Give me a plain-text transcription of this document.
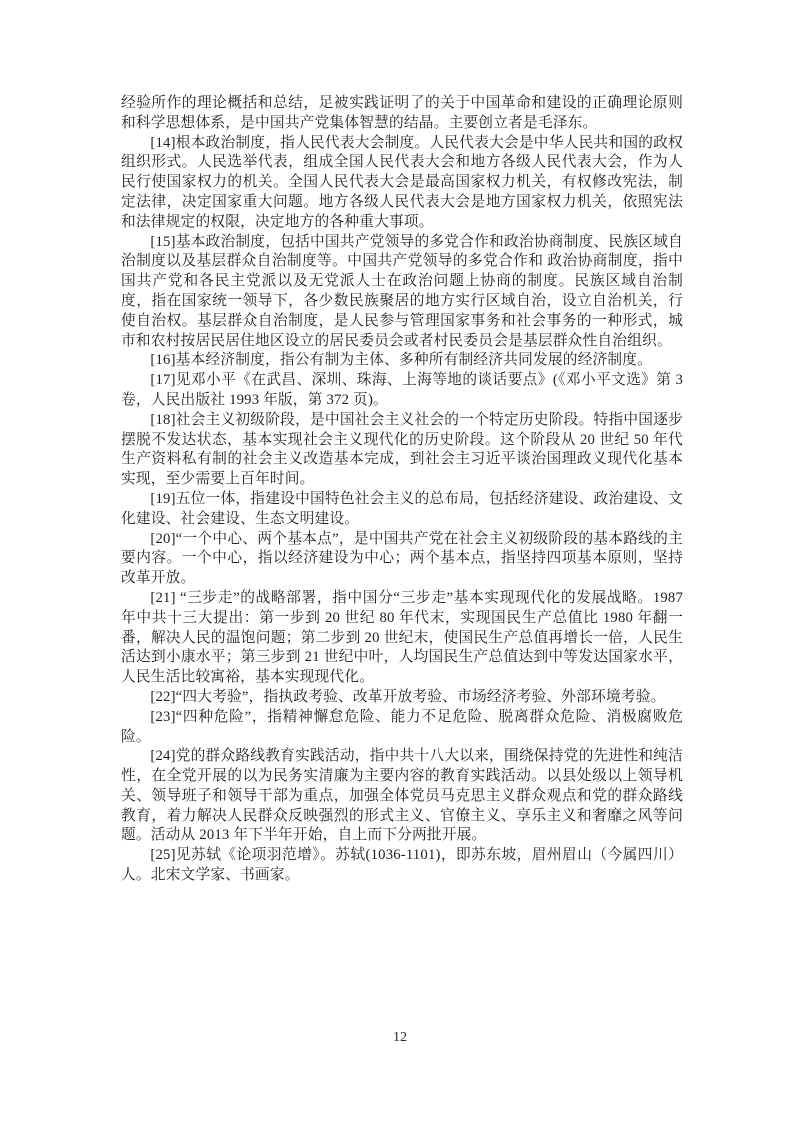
经验所作的理论概括和总结，足被实践证明了的关于中国革命和建设的正确理论原则和科学思想体系，是中国共产党集体智慧的结晶。主要创立者是毛泽东。

[14]根本政治制度，指人民代表大会制度。人民代表大会是中华人民共和国的政权组织形式。人民选举代表，组成全国人民代表大会和地方各级人民代表大会，作为人民行使国家权力的机关。全国人民代表大会是最高国家权力机关，有权修改宪法，制定法律，决定国家重大问题。地方各级人民代表大会是地方国家权力机关，依照宪法和法律规定的权限，决定地方的各种重大事项。

[15]基本政治制度，包括中国共产党领导的多党合作和政治协商制度、民族区域自治制度以及基层群众自治制度等。中国共产党领导的多党合作和 政治协商制度，指中国共产党和各民主党派以及无党派人士在政治问题上协商的制度。民族区域自治制度，指在国家统一领导下，各少数民族聚居的地方实行区域自治，设立自治机关，行使自治权。基层群众自治制度，是人民参与管理国家事务和社会事务的一种形式，城市和农村按居民居住地区设立的居民委员会或者村民委员会是基层群众性自治组织。

[16]基本经济制度，指公有制为主体、多种所有制经济共同发展的经济制度。

[17]见邓小平《在武昌、深圳、珠海、上海等地的谈话要点》(《邓小平文选》第 3 卷，人民出版社 1993 年版，第 372 页)。

[18]社会主义初级阶段，是中国社会主义社会的一个特定历史阶段。特指中国逐步摆脱不发达状态，基本实现社会主义现代化的历史阶段。这个阶段从 20 世纪 50 年代生产资料私有制的社会主义改造基本完成，到社会主习近平谈治国理政义现代化基本实现，至少需要上百年时间。

[19]五位一体，指建设中国特色社会主义的总布局，包括经济建设、政治建设、文化建设、社会建设、生态文明建设。

[20]“一个中心、两个基本点”，是中国共产党在社会主义初级阶段的基本路线的主要内容。一个中心，指以经济建设为中心；两个基本点，指坚持四项基本原则，坚持改革开放。

[21] “三步走”的战略部署，指中国分“三步走”基本实现现代化的发展战略。1987 年中共十三大提出：第一步到 20 世纪 80 年代末，实现国民生产总值比 1980 年翻一番，解决人民的温饱问题；第二步到 20 世纪末，使国民生产总值再增长一倍，人民生活达到小康水平；第三步到 21 世纪中叶，人均国民生产总值达到中等发达国家水平，人民生活比较寓裕，基本实现现代化。

[22]“四大考验”，指执政考验、改革开放考验、市场经济考验、外部环境考验。

[23]“四种危险”，指精神懈怠危险、能力不足危险、脱离群众危险、消极腐败危险。

[24]党的群众路线教育实践活动，指中共十八大以来，围绕保持党的先进性和纯洁性，在全党开展的以为民务实清廉为主要内容的教育实践活动。以县处级以上领导机关、领导班子和领导干部为重点，加强全体党员马克思主义群众观点和党的群众路线教育，着力解决人民群众反映强烈的形式主义、官僚主义、享乐主义和奢靡之风等问题。活动从 2013 年下半年开始，自上而下分两批开展。

[25]见苏轼《论项羽范增》。苏轼(1036-1101)，即苏东坡，眉州眉山（今属四川）人。北宋文学家、书画家。

12
